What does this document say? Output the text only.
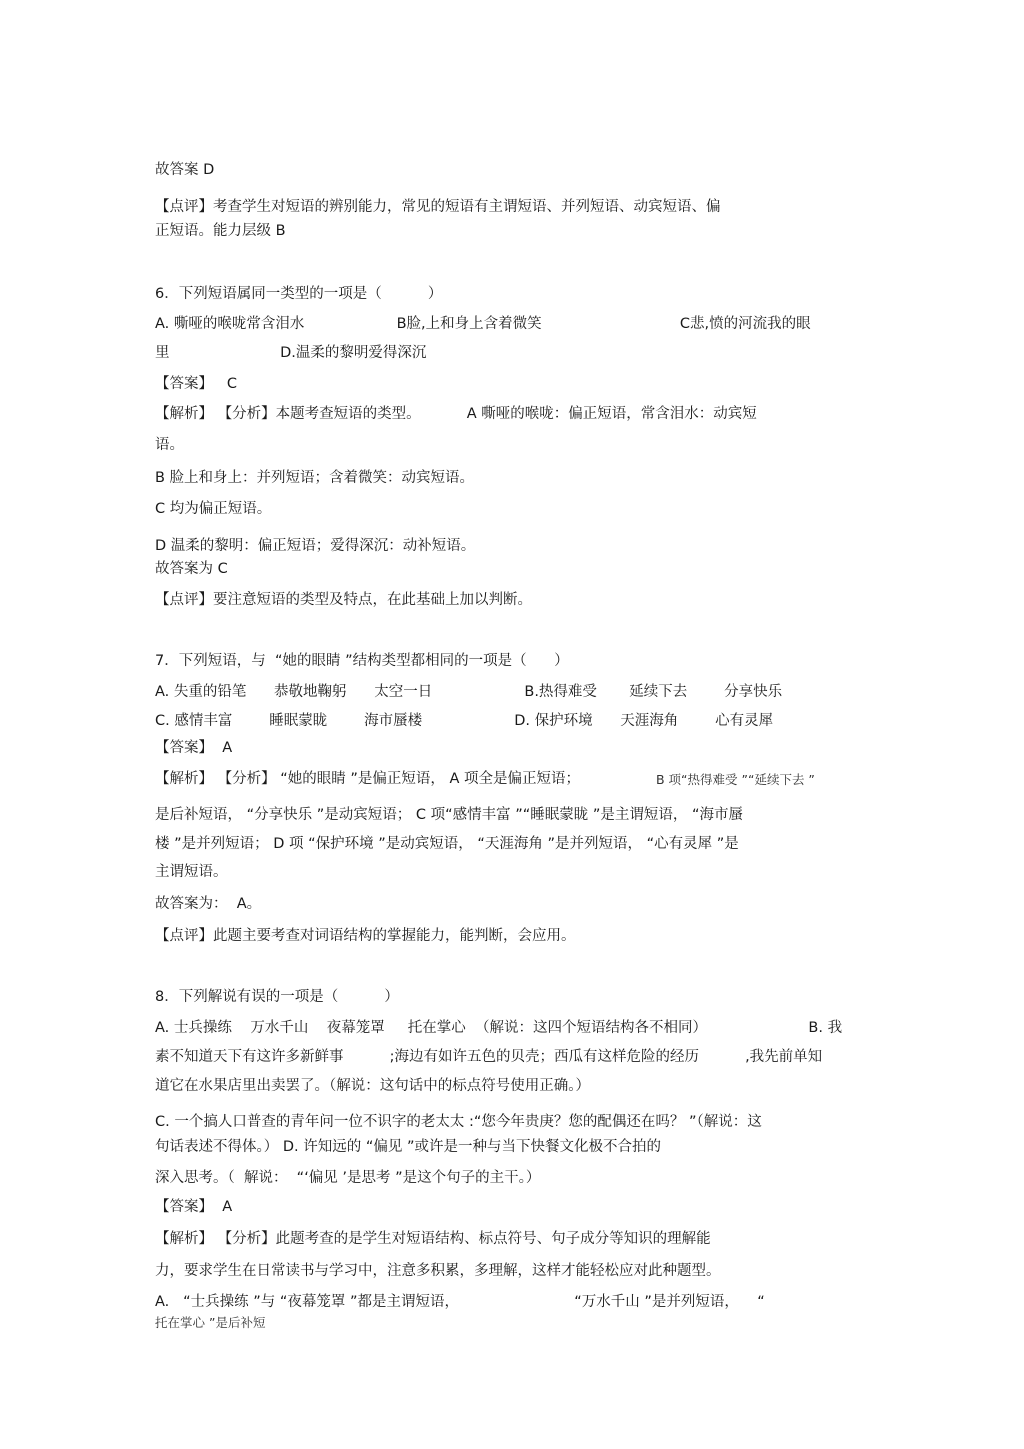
故答案 D
【点评】考查学生对短语的辨别能力，常见的短语有主谓短语、并列短语、动宾短语、偏
正短语。能力层级 B
6．下列短语属同一类型的一项是（          ）
A. 嘶哑的喉咙常含泪水                    B脸,上和身上含着微笑                              C悲,愤的河流我的眼
里                        D.温柔的黎明爱得深沉
【答案】   C
【解析】 【分析】本题考查短语的类型。          A 嘶哑的喉咙：偏正短语，常含泪水：动宾短
语。
B 脸上和身上：并列短语；含着微笑：动宾短语。
C 均为偏正短语。
D 温柔的黎明：偏正短语；爱得深沉：动补短语。
故答案为 C
【点评】要注意短语的类型及特点，在此基础上加以判断。
7．下列短语，与  “她的眼睛 ”结构类型都相同的一项是（      ）
A. 失重的铅笔      恭敬地鞠躬      太空一日                    B.热得难受       延续下去        分享快乐
C. 感情丰富        睡眠蒙眬        海市蜃楼                    D. 保护环境      天涯海角        心有灵犀
【答案】  A
【解析】 【分析】 “她的眼睛 ”是偏正短语， A 项全是偏正短语；	B 项“热得难受 ”“延续下去 ”
是后补短语， “分享快乐 ”是动宾短语； C 项“感情丰富 ”“睡眠蒙眬 ”是主谓短语， “海市蜃
楼 ”是并列短语； D 项 “保护环境 ”是动宾短语， “天涯海角 ”是并列短语， “心有灵犀 ”是
主谓短语。
故答案为：  A。
【点评】此题主要考查对词语结构的掌握能力，能判断，会应用。
8．下列解说有误的一项是（          ）
A. 士兵操练    万水千山    夜幕笼罩     托在掌心  （解说：这四个短语结构各不相同）                      B. 我
素不知道天下有这许多新鲜事          ;海边有如许五色的贝壳；西瓜有这样危险的经历          ,我先前单知
道它在水果店里出卖罢了。（解说：这句话中的标点符号使用正确。）
C. 一个搞人口普查的青年问一位不识字的老太太 :“您今年贵庚？您的配偶还在吗？ ”（解说：这
句话表述不得体。） D. 许知远的 “偏见 ”或许是一种与当下快餐文化极不合拍的
深入思考。（  解说：  “‘偏见 ’是思考 ”是这个句子的主干。）
【答案】  A
【解析】 【分析】此题考查的是学生对短语结构、标点符号、句子成分等知识的理解能
力，要求学生在日常读书与学习中，注意多积累，多理解，这样才能轻松应对此种题型。
A.   “士兵操练 ”与 “夜幕笼罩 ”都是主谓短语，                         “万水千山 ”是并列短语，    “
托在掌心 ”是后补短
